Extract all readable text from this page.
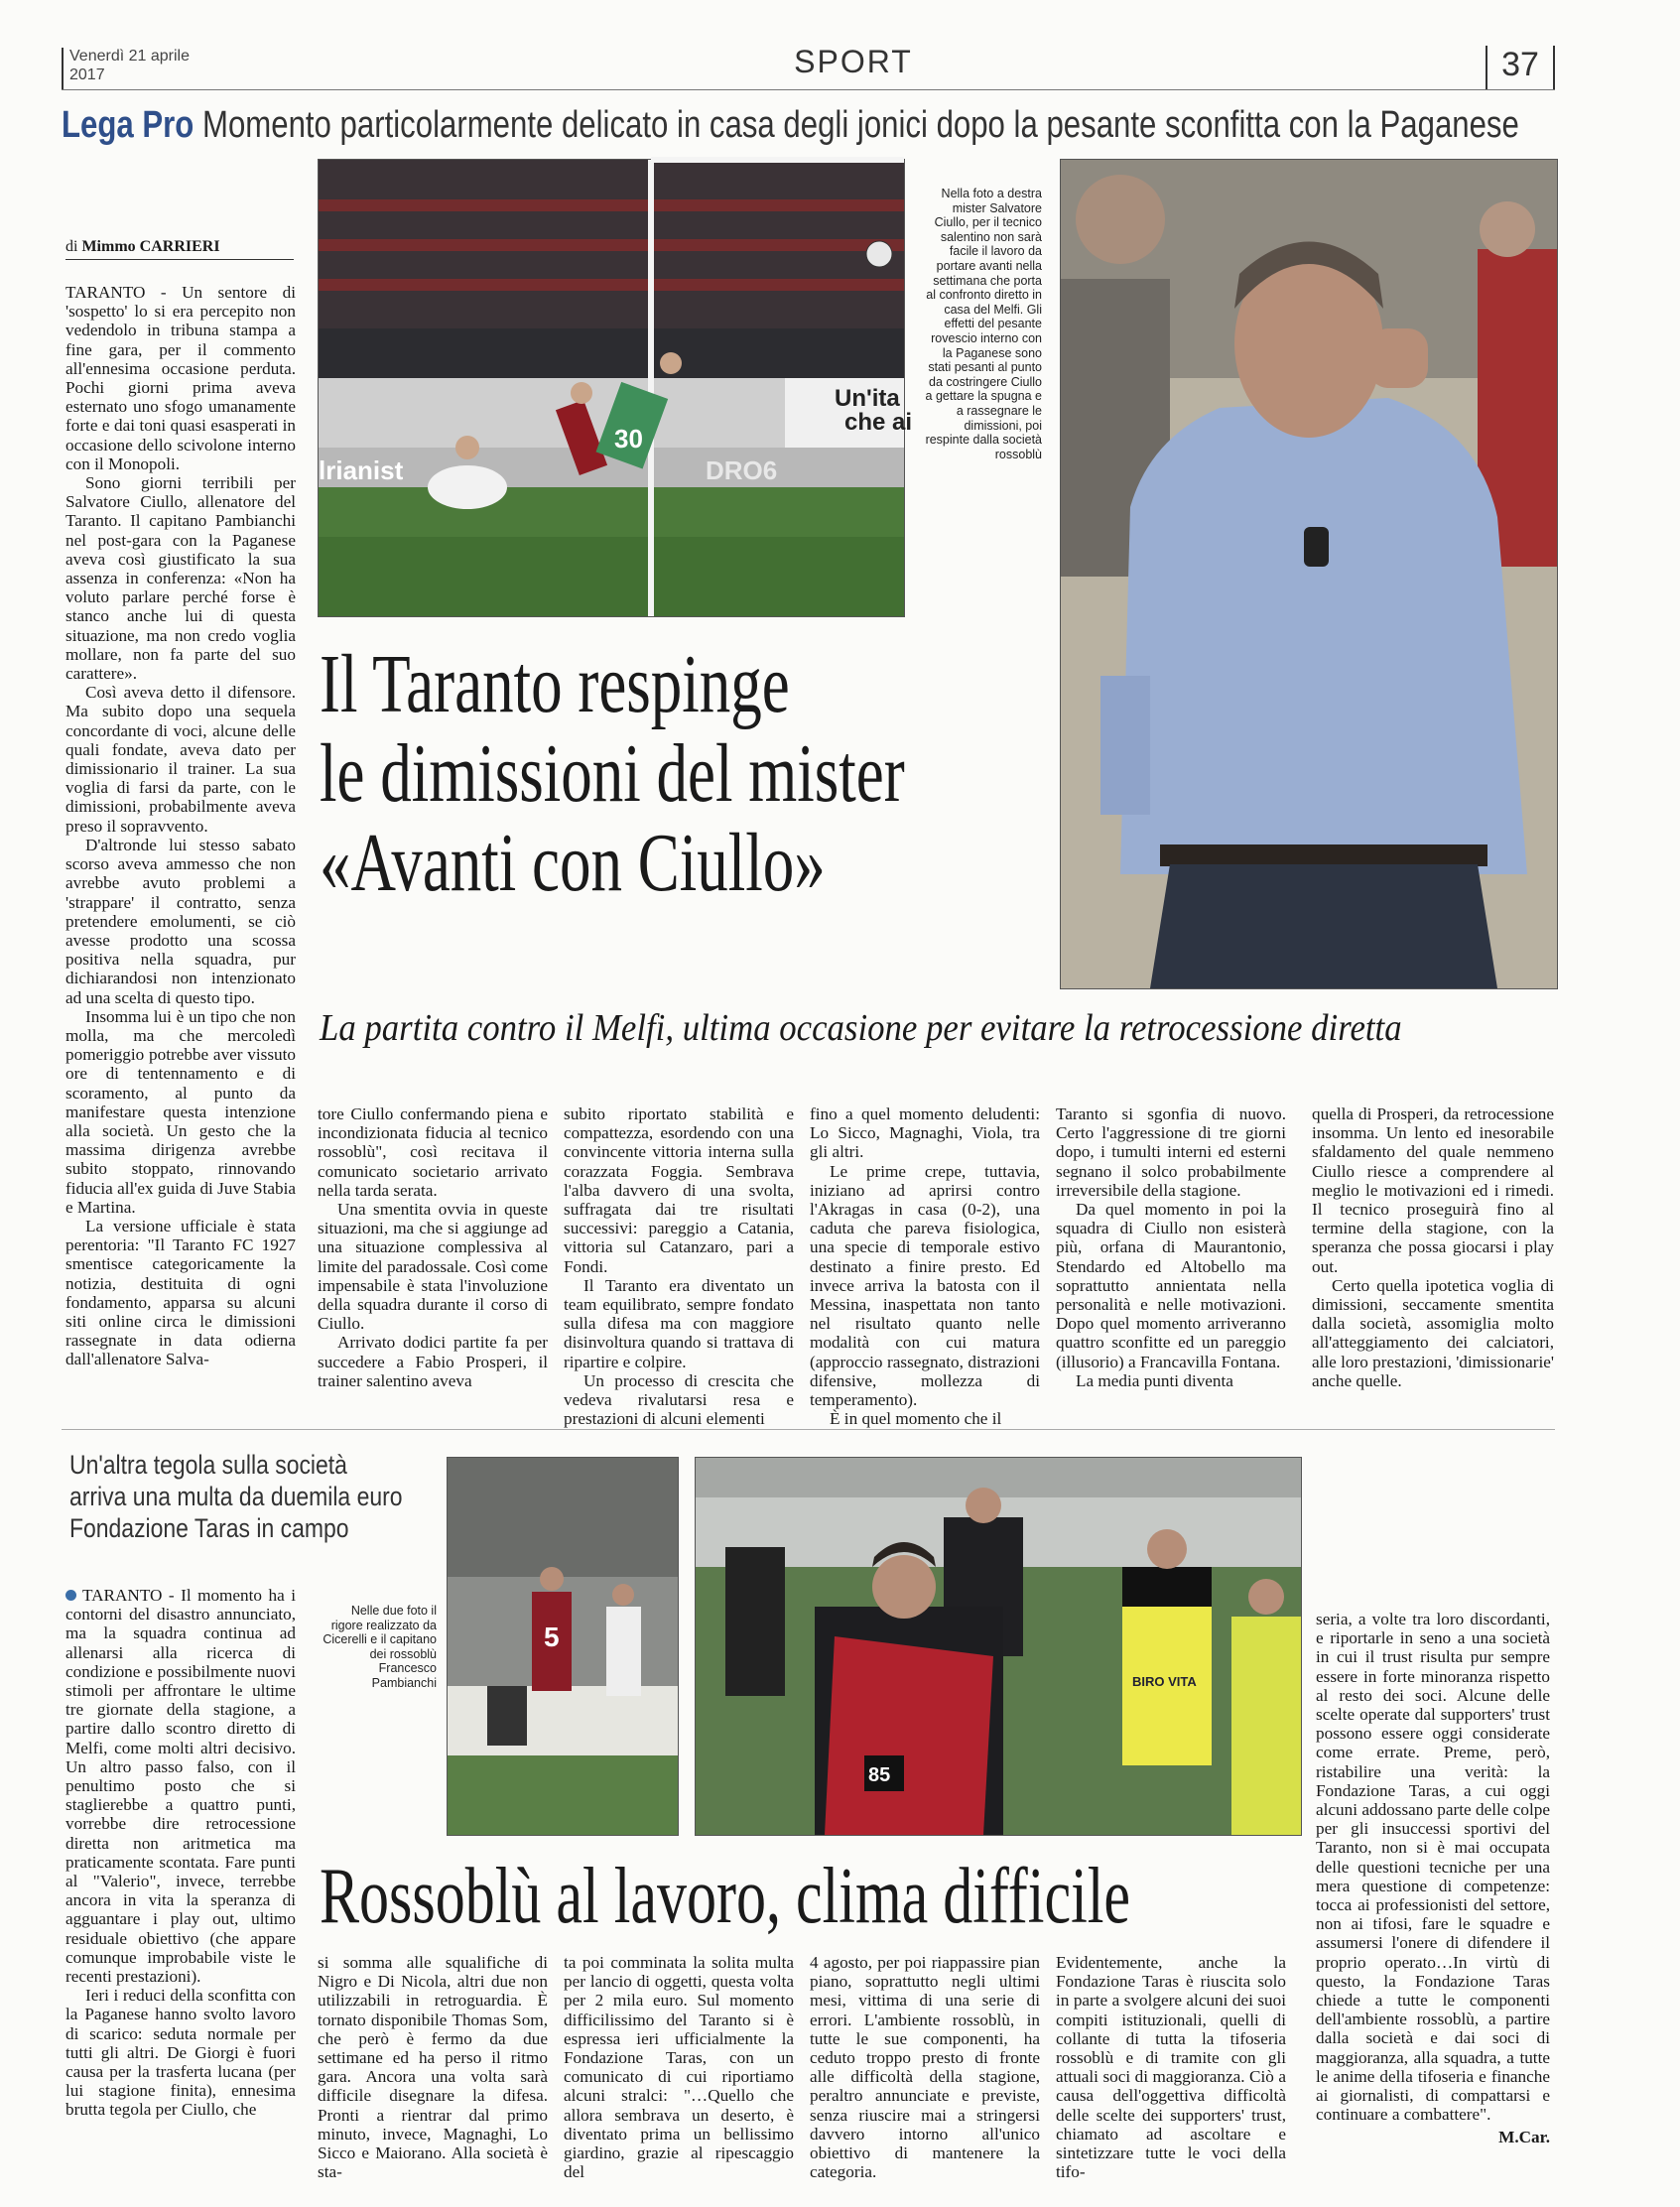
Venerdì 21 aprile
2017	SPORT	37
Lega Pro Momento particolarmente delicato in casa degli jonici dopo la pesante sconfitta con la Paganese
di Mimmo CARRIERI

TARANTO - Un sentore di 'sospetto' lo si era percepito non vedendolo in tribuna stampa a fine gara, per il commento all'ennesima occasione perduta. Pochi giorni prima aveva esternato uno sfogo umanamente forte e dai toni quasi esasperati in occasione dello scivolone interno con il Monopoli.

Sono giorni terribili per Salvatore Ciullo, allenatore del Taranto. Il capitano Pambianchi nel post-gara con la Paganese aveva così giustificato la sua assenza in conferenza: «Non ha voluto parlare perché forse è stanco anche lui di questa situazione, ma non credo voglia mollare, non fa parte del suo carattere».

Così aveva detto il difensore. Ma subito dopo una sequela concordante di voci, alcune delle quali fondate, aveva dato per dimissionario il trainer. La sua voglia di farsi da parte, con le dimissioni, probabilmente aveva preso il sopravvento.

D'altronde lui stesso sabato scorso aveva ammesso che non avrebbe avuto problemi a 'strappare' il contratto, senza pretendere emolumenti, se ciò avesse prodotto una scossa positiva nella squadra, pur dichiarandosi non intenzionato ad una scelta di questo tipo.

Insomma lui è un tipo che non molla, ma che mercoledì pomeriggio potrebbe aver vissuto ore di tentennamento e di scoramento, al punto da manifestare questa intenzione alla società. Un gesto che la massima dirigenza avrebbe subito stoppato, rinnovando fiducia all'ex guida di Juve Stabia e Martina.

La versione ufficiale è stata perentoria: "Il Taranto FC 1927 smentisce categoricamente la notizia, destituita di ogni fondamento, apparsa su alcuni siti online circa le dimissioni rassegnate in data odierna dall'allenatore Salva-

Un'ita
che ai
lrianist	DRO6
30
Nella foto a destra mister Salvatore Ciullo, per il tecnico salentino non sarà facile il lavoro da portare avanti nella settimana che porta al confronto diretto in casa del Melfi. Gli effetti del pesante rovescio interno con la Paganese sono stati pesanti al punto da costringere Ciullo a gettare la spugna e a rassegnare le dimissioni, poi respinte dalla società rossoblù
Il Taranto respinge
le dimissioni del mister
«Avanti con Ciullo»
La partita contro il Melfi, ultima occasione per evitare la retrocessione diretta

tore Ciullo confermando piena e incondizionata fiducia al tecnico rossoblù", così recitava il comunicato societario arrivato nella tarda serata.

Una smentita ovvia in queste situazioni, ma che si aggiunge ad una situazione complessiva al limite del paradossale. Così come impensabile è stata l'involuzione della squadra durante il corso di Ciullo.

Arrivato dodici partite fa per succedere a Fabio Prosperi, il trainer salentino aveva

subito riportato stabilità e compattezza, esordendo con una convincente vittoria interna sulla corazzata Foggia. Sembrava l'alba davvero di una svolta, suffragata dai tre risultati successivi: pareggio a Catania, vittoria sul Catanzaro, pari a Fondi.

Il Taranto era diventato un team equilibrato, sempre fondato sulla difesa ma con maggiore disinvoltura quando si trattava di ripartire e colpire.

Un processo di crescita che vedeva rivalutarsi resa e prestazioni di alcuni elementi

fino a quel momento deludenti: Lo Sicco, Magnaghi, Viola, tra gli altri.

Le prime crepe, tuttavia, iniziano ad aprirsi contro l'Akragas in casa (0-2), una caduta che pareva fisiologica, una specie di temporale estivo destinato a finire presto. Ed invece arriva la batosta con il Messina, inaspettata non tanto nel risultato quanto nelle modalità con cui matura (approccio rassegnato, distrazioni difensive, mollezza di temperamento).

È in quel momento che il

Taranto si sgonfia di nuovo. Certo l'aggressione di tre giorni dopo, i tumulti interni ed esterni segnano il solco probabilmente irreversibile della stagione.

Da quel momento in poi la squadra di Ciullo non esisterà più, orfana di Maurantonio, Stendardo ed Altobello ma soprattutto annientata nella personalità e nelle motivazioni. Dopo quel momento arriveranno quattro sconfitte ed un pareggio (illusorio) a Francavilla Fontana.

La media punti diventa

quella di Prosperi, da retrocessione insomma. Un lento ed inesorabile sfaldamento del quale nemmeno Ciullo riesce a comprendere al meglio le motivazioni ed i rimedi. Il tecnico proseguirà fino al termine della stagione, con la speranza che possa giocarsi i play out.

Certo quella ipotetica voglia di dimissioni, seccamente smentita dalla società, assomiglia molto all'atteggiamento dei calciatori, alle loro prestazioni, 'dimissionarie' anche quelle.

Un'altra tegola sulla società
arriva una multa da duemila euro
Fondazione Taras in campo
5
Nelle due foto il rigore realizzato da Cicerelli e il capitano dei rossoblù Francesco Pambianchi
85
BIRO VITA

TARANTO - Il momento ha i contorni del disastro annunciato, ma la squadra continua ad allenarsi alla ricerca di condizione e possibilmente nuovi stimoli per affrontare le ultime tre giornate della stagione, a partire dallo scontro diretto di Melfi, come molti altri decisivo. Un altro passo falso, con il penultimo posto che si staglierebbe a quattro punti, vorrebbe dire retrocessione diretta non aritmetica ma praticamente scontata. Fare punti al "Valerio", invece, terrebbe ancora in vita la speranza di agguantare i play out, ultimo residuale obiettivo (che appare comunque improbabile viste le recenti prestazioni).

Ieri i reduci della sconfitta con la Paganese hanno svolto lavoro di scarico: seduta normale per tutti gli altri. De Giorgi è fuori causa per la trasferta lucana (per lui stagione finita), ennesima brutta tegola per Ciullo, che

Rossoblù al lavoro, clima difficile

si somma alle squalifiche di Nigro e Di Nicola, altri due non utilizzabili in retroguardia. È tornato disponibile Thomas Som, che però è fermo da due settimane ed ha perso il ritmo gara. Ancora una volta sarà difficile disegnare la difesa. Pronti a rientrar dal primo minuto, invece, Magnaghi, Lo Sicco e Maiorano. Alla società è sta-

ta poi comminata la solita multa per lancio di oggetti, questa volta per 2 mila euro. Sul momento difficilissimo del Taranto si è espressa ieri ufficialmente la Fondazione Taras, con un comunicato di cui riportiamo alcuni stralci: "…Quello che allora sembrava un deserto, è diventato prima un bellissimo giardino, grazie al ripescaggio del

4 agosto, per poi riappassire pian piano, soprattutto negli ultimi mesi, vittima di una serie di errori. L'ambiente rossoblù, in tutte le sue componenti, ha ceduto troppo presto di fronte alle difficoltà della stagione, peraltro annunciate e previste, senza riuscire mai a stringersi davvero intorno all'unico obiettivo di mantenere la categoria.

Evidentemente, anche la Fondazione Taras è riuscita solo in parte a svolgere alcuni dei suoi compiti istituzionali, quelli di collante di tutta la tifoseria rossoblù e di tramite con gli attuali soci di maggioranza. Ciò a causa dell'oggettiva difficoltà delle scelte dei supporters' trust, chiamato ad ascoltare e sintetizzare tutte le voci della tifo-

seria, a volte tra loro discordanti, e riportarle in seno a una società in cui il trust risulta pur sempre essere in forte minoranza rispetto al resto dei soci. Alcune delle scelte operate dal supporters' trust possono essere oggi considerate come errate. Preme, però, ristabilire una verità: la Fondazione Taras, a cui oggi alcuni addossano parte delle colpe per gli insuccessi sportivi del Taranto, non si è mai occupata delle questioni tecniche per una mera questione di competenze: tocca ai professionisti del settore, non ai tifosi, fare le squadre e assumersi l'onere di difendere il proprio operato…In virtù di questo, la Fondazione Taras chiede a tutte le componenti dell'ambiente rossoblù, a partire dalla società e dai soci di maggioranza, alla squadra, a tutte le anime della tifoseria e finanche ai giornalisti, di compattarsi e continuare a combattere".

M.Car.
